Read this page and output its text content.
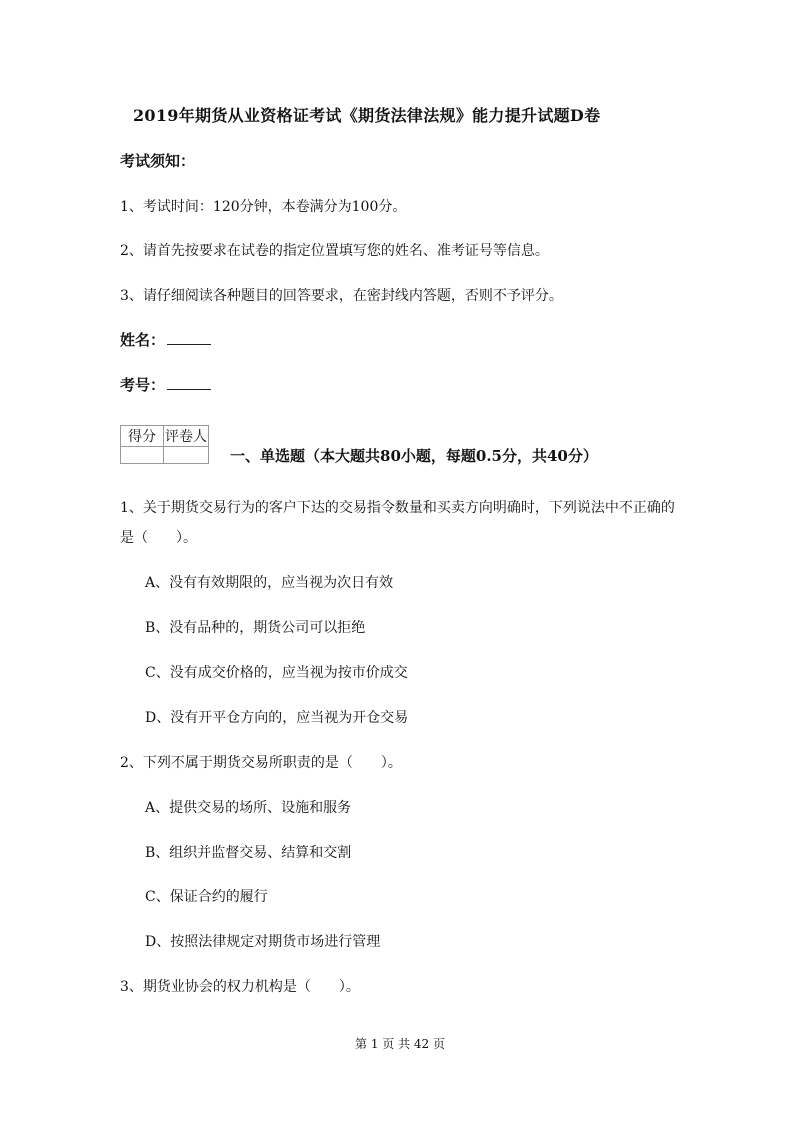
2019年期货从业资格证考试《期货法律法规》能力提升试题D卷
考试须知：
1、考试时间：120分钟，本卷满分为100分。
2、请首先按要求在试卷的指定位置填写您的姓名、准考证号等信息。
3、请仔细阅读各种题目的回答要求，在密封线内答题，否则不予评分。
姓名：
考号：
得分	评卷人

一、单选题（本大题共80小题，每题0.5分，共40分）
1、关于期货交易行为的客户下达的交易指令数量和买卖方向明确时，下列说法中不正确的
是（　　）。
A、没有有效期限的，应当视为次日有效
B、没有品种的，期货公司可以拒绝
C、没有成交价格的，应当视为按市价成交
D、没有开平仓方向的，应当视为开仓交易
2、下列不属于期货交易所职责的是（　　）。
A、提供交易的场所、设施和服务
B、组织并监督交易、结算和交割
C、保证合约的履行
D、按照法律规定对期货市场进行管理
3、期货业协会的权力机构是（　　）。
第 1 页 共 42 页
